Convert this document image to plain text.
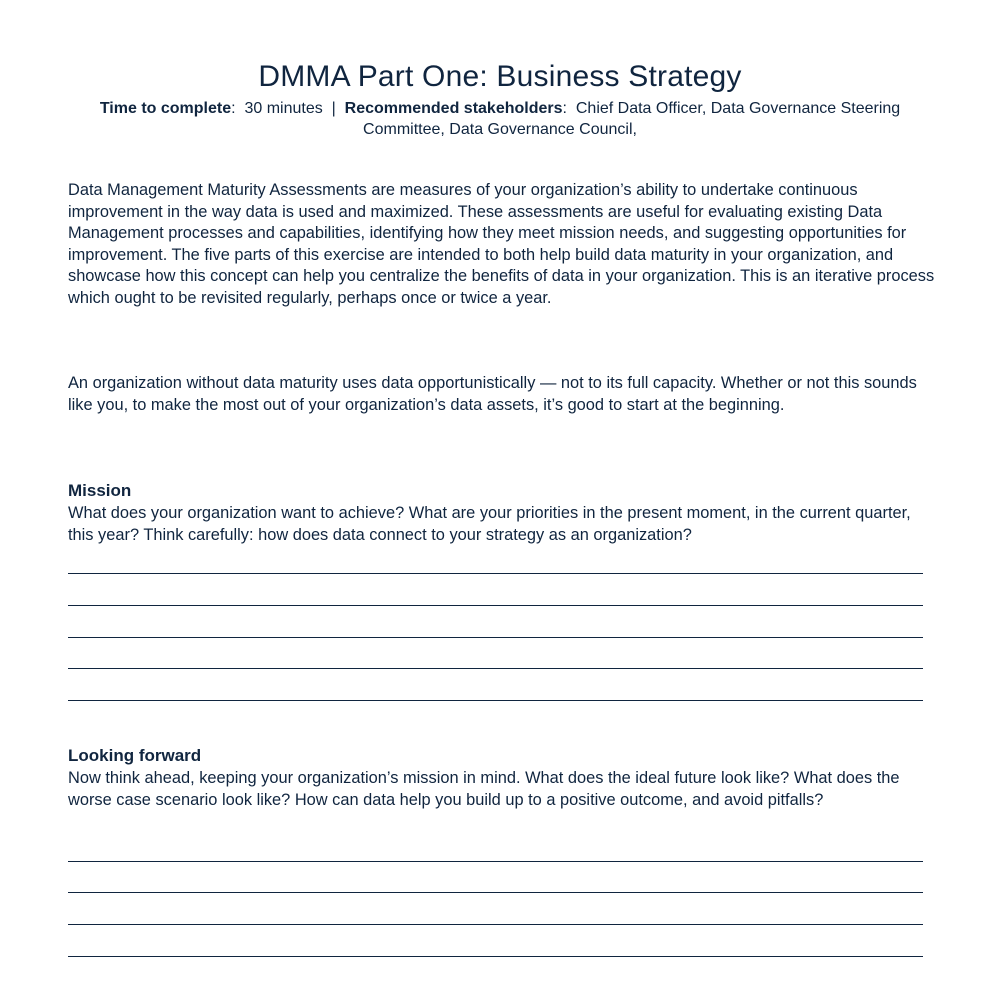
DMMA Part One: Business Strategy
Time to complete:  30 minutes | Recommended stakeholders:  Chief Data Officer, Data Governance Steering Committee, Data Governance Council,

Data Management Maturity Assessments are measures of your organization’s ability to undertake continuous improvement in the way data is used and maximized. These assessments are useful for evaluating existing Data Management processes and capabilities, identifying how they meet mission needs, and suggesting opportunities for improvement. The five parts of this exercise are intended to both help build data maturity in your organization, and showcase how this concept can help you centralize the benefits of data in your organization. This is an iterative process which ought to be revisited regularly, perhaps once or twice a year.

An organization without data maturity uses data opportunistically — not to its full capacity. Whether or not this sounds like you, to make the most out of your organization’s data assets, it’s good to start at the beginning.

Mission

What does your organization want to achieve? What are your priorities in the present moment, in the current quarter, this year? Think carefully: how does data connect to your strategy as an organization?

Looking forward

Now think ahead, keeping your organization’s mission in mind. What does the ideal future look like? What does the worse case scenario look like? How can data help you build up to a positive outcome, and avoid pitfalls?
